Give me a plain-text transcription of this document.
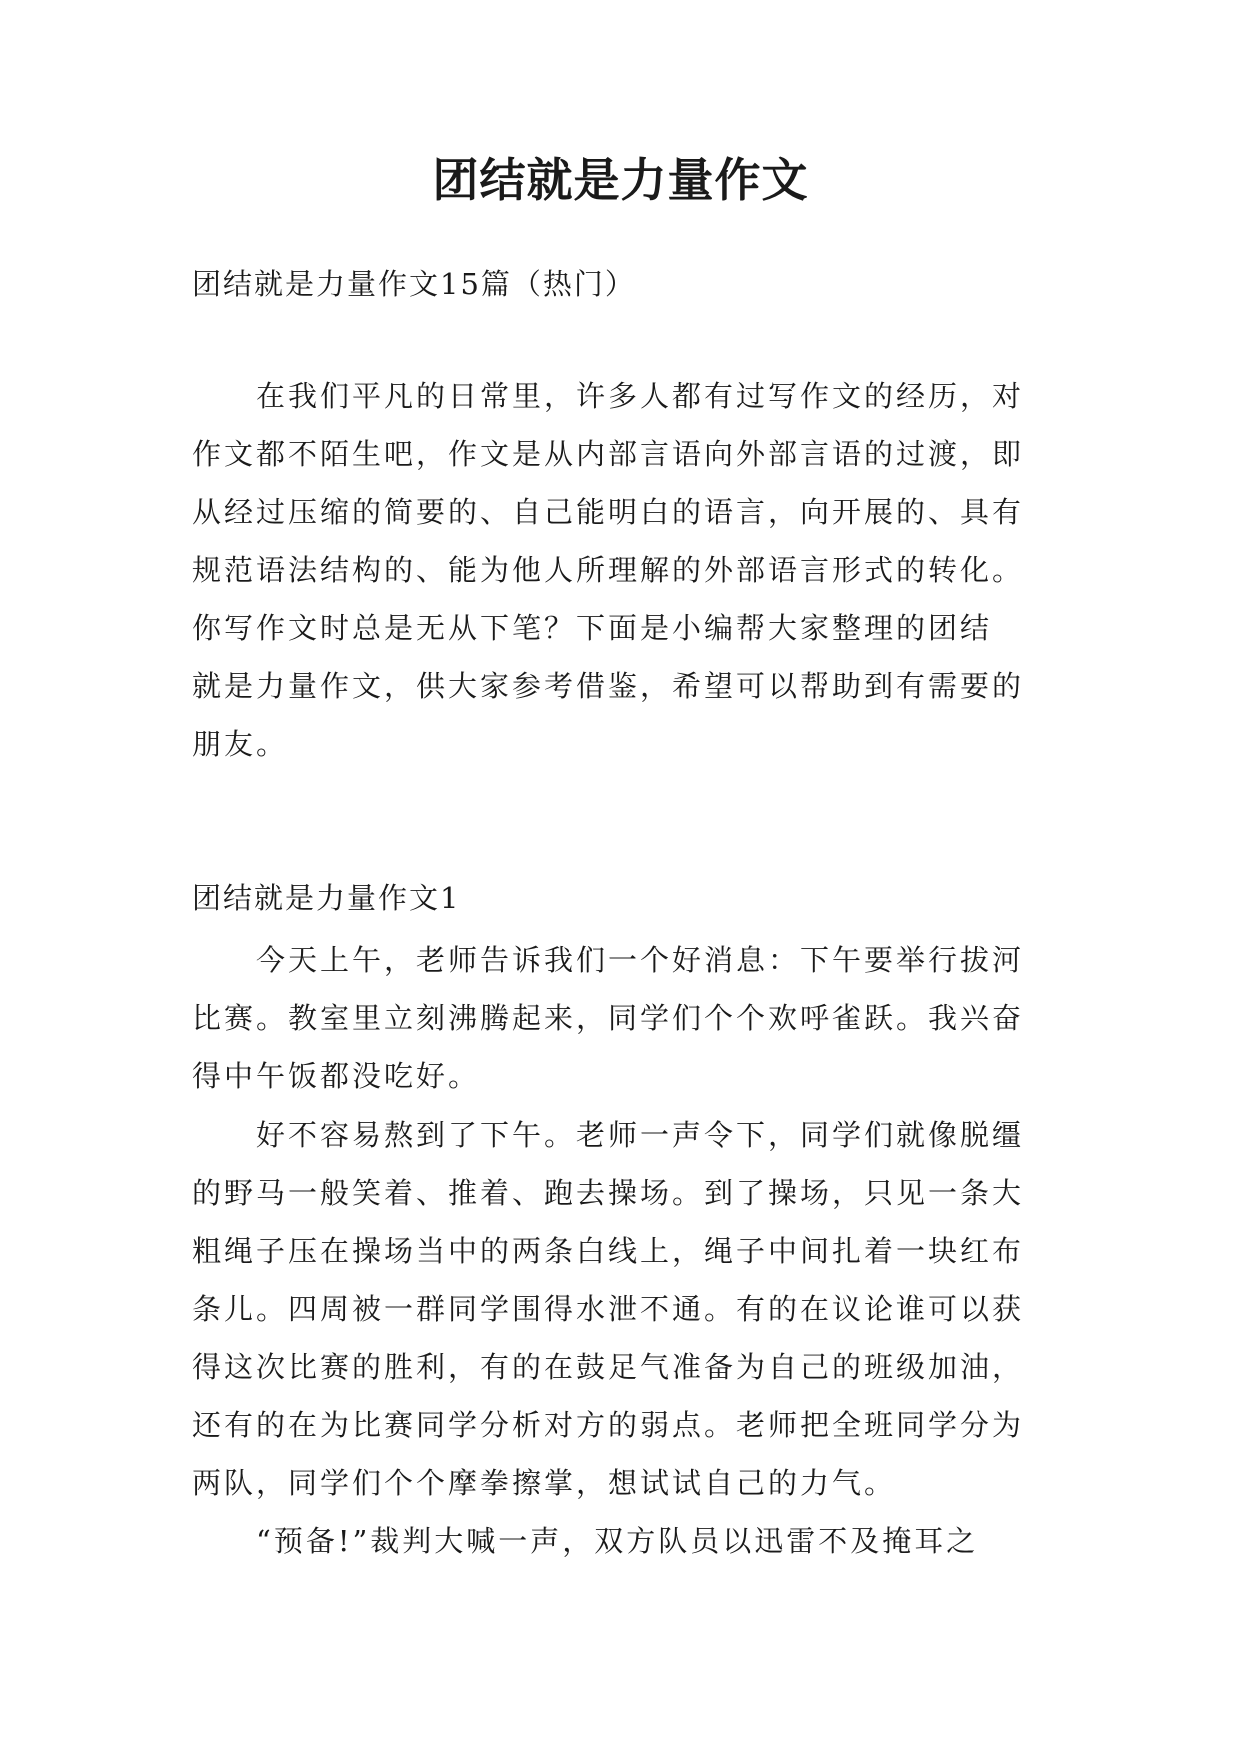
团结就是力量作文
团结就是力量作文15篇（热门）
在我们平凡的日常里，许多人都有过写作文的经历，对
作文都不陌生吧，作文是从内部言语向外部言语的过渡，即
从经过压缩的简要的、自己能明白的语言，向开展的、具有
规范语法结构的、能为他人所理解的外部语言形式的转化。
你写作文时总是无从下笔？下面是小编帮大家整理的团结
就是力量作文，供大家参考借鉴，希望可以帮助到有需要的
朋友。
团结就是力量作文1
今天上午，老师告诉我们一个好消息：下午要举行拔河
比赛。教室里立刻沸腾起来，同学们个个欢呼雀跃。我兴奋
得中午饭都没吃好。
好不容易熬到了下午。老师一声令下，同学们就像脱缰
的野马一般笑着、推着、跑去操场。到了操场，只见一条大
粗绳子压在操场当中的两条白线上，绳子中间扎着一块红布
条儿。四周被一群同学围得水泄不通。有的在议论谁可以获
得这次比赛的胜利，有的在鼓足气准备为自己的班级加油，
还有的在为比赛同学分析对方的弱点。老师把全班同学分为
两队，同学们个个摩拳擦掌，想试试自己的力气。
“预备!”裁判大喊一声，双方队员以迅雷不及掩耳之
